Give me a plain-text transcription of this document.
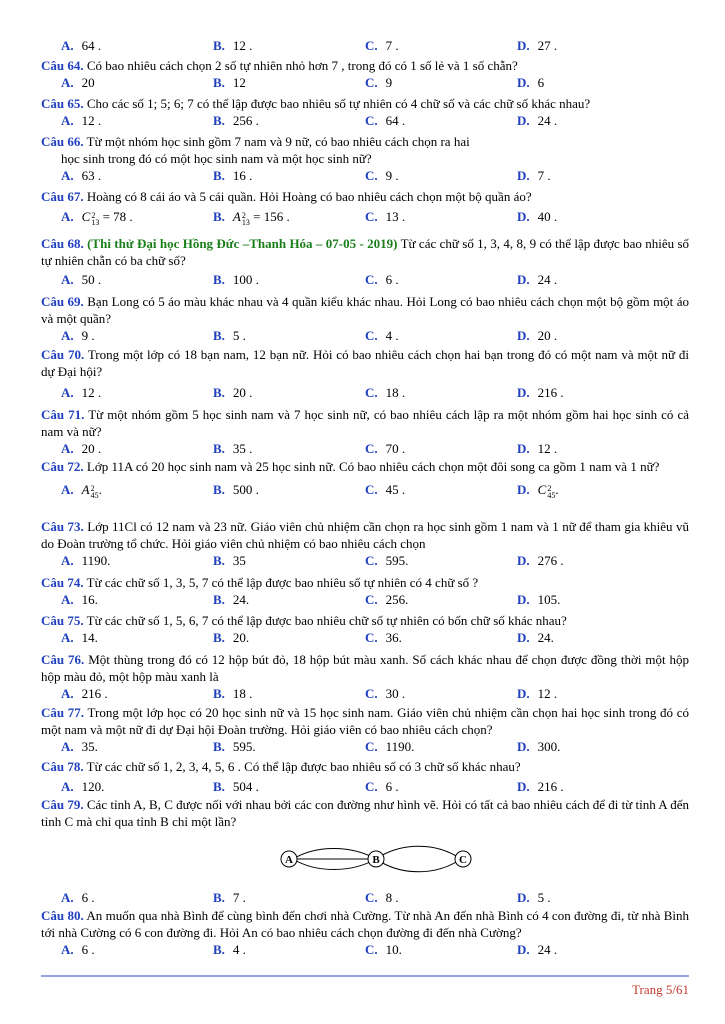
A. 64 .	B. 12 .	C. 7 .	D. 27 .
Câu 64. Có bao nhiêu cách chọn 2 số tự nhiên nhỏ hơn 7 , trong đó có 1 số lẻ và 1 số chẵn?
A. 20	B. 12	C. 9	D. 6
Câu 65. Cho các số 1; 5; 6; 7 có thể lập được bao nhiêu số tự nhiên có 4 chữ số và các chữ số khác nhau?
A. 12 .	B. 256 .	C. 64 .	D. 24 .
Câu 66. Từ một nhóm học sinh gồm 7 nam và 9 nữ, có bao nhiêu cách chọn ra hai
học sinh trong đó có một học sinh nam và một học sinh nữ?
A. 63 .	B. 16 .	C. 9 .	D. 7 .
Câu 67. Hoàng có 8 cái áo và 5 cái quần. Hỏi Hoàng có bao nhiêu cách chọn một bộ quần áo?
A. C2
13 = 78 .	B. A2
13 = 156 .	C. 13 .	D. 40 .
Câu 68. (Thi thử Đại học Hồng Đức –Thanh Hóa – 07-05 - 2019) Từ các chữ số 1, 3, 4, 8, 9 có thể lập được bao nhiêu số tự nhiên chẵn có ba chữ số?
A. 50 .	B. 100 .	C. 6 .	D. 24 .
Câu 69. Bạn Long có 5 áo màu khác nhau và 4 quần kiểu khác nhau. Hỏi Long có bao nhiêu cách chọn một bộ gồm một áo và một quần?
A. 9 .	B. 5 .	C. 4 .	D. 20 .
Câu 70. Trong một lớp có 18 bạn nam, 12 bạn nữ. Hỏi có bao nhiêu cách chọn hai bạn trong đó có một nam và một nữ đi dự Đại hội?
A. 12 .	B. 20 .	C. 18 .	D. 216 .
Câu 71. Từ một nhóm gồm 5 học sinh nam và 7 học sinh nữ, có bao nhiêu cách lập ra một nhóm gồm hai học sinh có cả nam và nữ?
A. 20 .	B. 35 .	C. 70 .	D. 12 .
Câu 72. Lớp 11A có 20 học sinh nam và 25 học sinh nữ. Có bao nhiêu cách chọn một đôi song ca gồm 1 nam và 1 nữ?
A. A2
45.	B. 500 .	C. 45 .	D. C2
45.
Câu 73. Lớp 11Cl có 12 nam và 23 nữ. Giáo viên chủ nhiệm cần chọn ra học sinh gồm 1 nam và 1 nữ để tham gia khiêu vũ do Đoàn trường tổ chức. Hỏi giáo viên chủ nhiệm có bao nhiêu cách chọn
A. 1190.	B. 35	C. 595.	D. 276 .
Câu 74. Từ các chữ số 1, 3, 5, 7 có thể lập được bao nhiêu số tự nhiên có 4 chữ số ?
A. 16.	B. 24.	C. 256.	D. 105.
Câu 75. Từ các chữ số 1, 5, 6, 7 có thể lập được bao nhiêu chữ số tự nhiên có bốn chữ số khác nhau?
A. 14.	B. 20.	C. 36.	D. 24.
Câu 76. Một thùng trong đó có 12 hộp bút đỏ, 18 hộp bút màu xanh. Số cách khác nhau để chọn được đồng thời một hộp hộp màu đỏ, một hộp màu xanh là
A. 216 .	B. 18 .	C. 30 .	D. 12 .
Câu 77. Trong một lớp học có 20 học sinh nữ và 15 học sinh nam. Giáo viên chủ nhiệm cần chọn hai học sinh trong đó có một nam và một nữ đi dự Đại hội Đoàn trường. Hỏi giáo viên có bao nhiêu cách chọn?
A. 35.	B. 595.	C. 1190.	D. 300.
Câu 78. Từ các chữ số 1, 2, 3, 4, 5, 6 . Có thể lập được bao nhiêu số có 3 chữ số khác nhau?
A. 120.	B. 504 .	C. 6 .	D. 216 .
Câu 79. Các tỉnh A, B, C được nối với nhau bởi các con đường như hình vẽ. Hỏi có tất cả bao nhiêu cách để đi từ tỉnh A đến tỉnh C mà chỉ qua tỉnh B chỉ một lần?
A	B	C
A. 6 .	B. 7 .	C. 8 .	D. 5 .
Câu 80. An muốn qua nhà Bình để cùng bình đến chơi nhà Cường. Từ nhà An đến nhà Bình có 4 con đường đi, từ nhà Bình tới nhà Cường có 6 con đường đi. Hỏi An có bao nhiêu cách chọn đường đi đến nhà Cường?
A. 6 .	B. 4 .	C. 10.	D. 24 .
Trang 5/61
